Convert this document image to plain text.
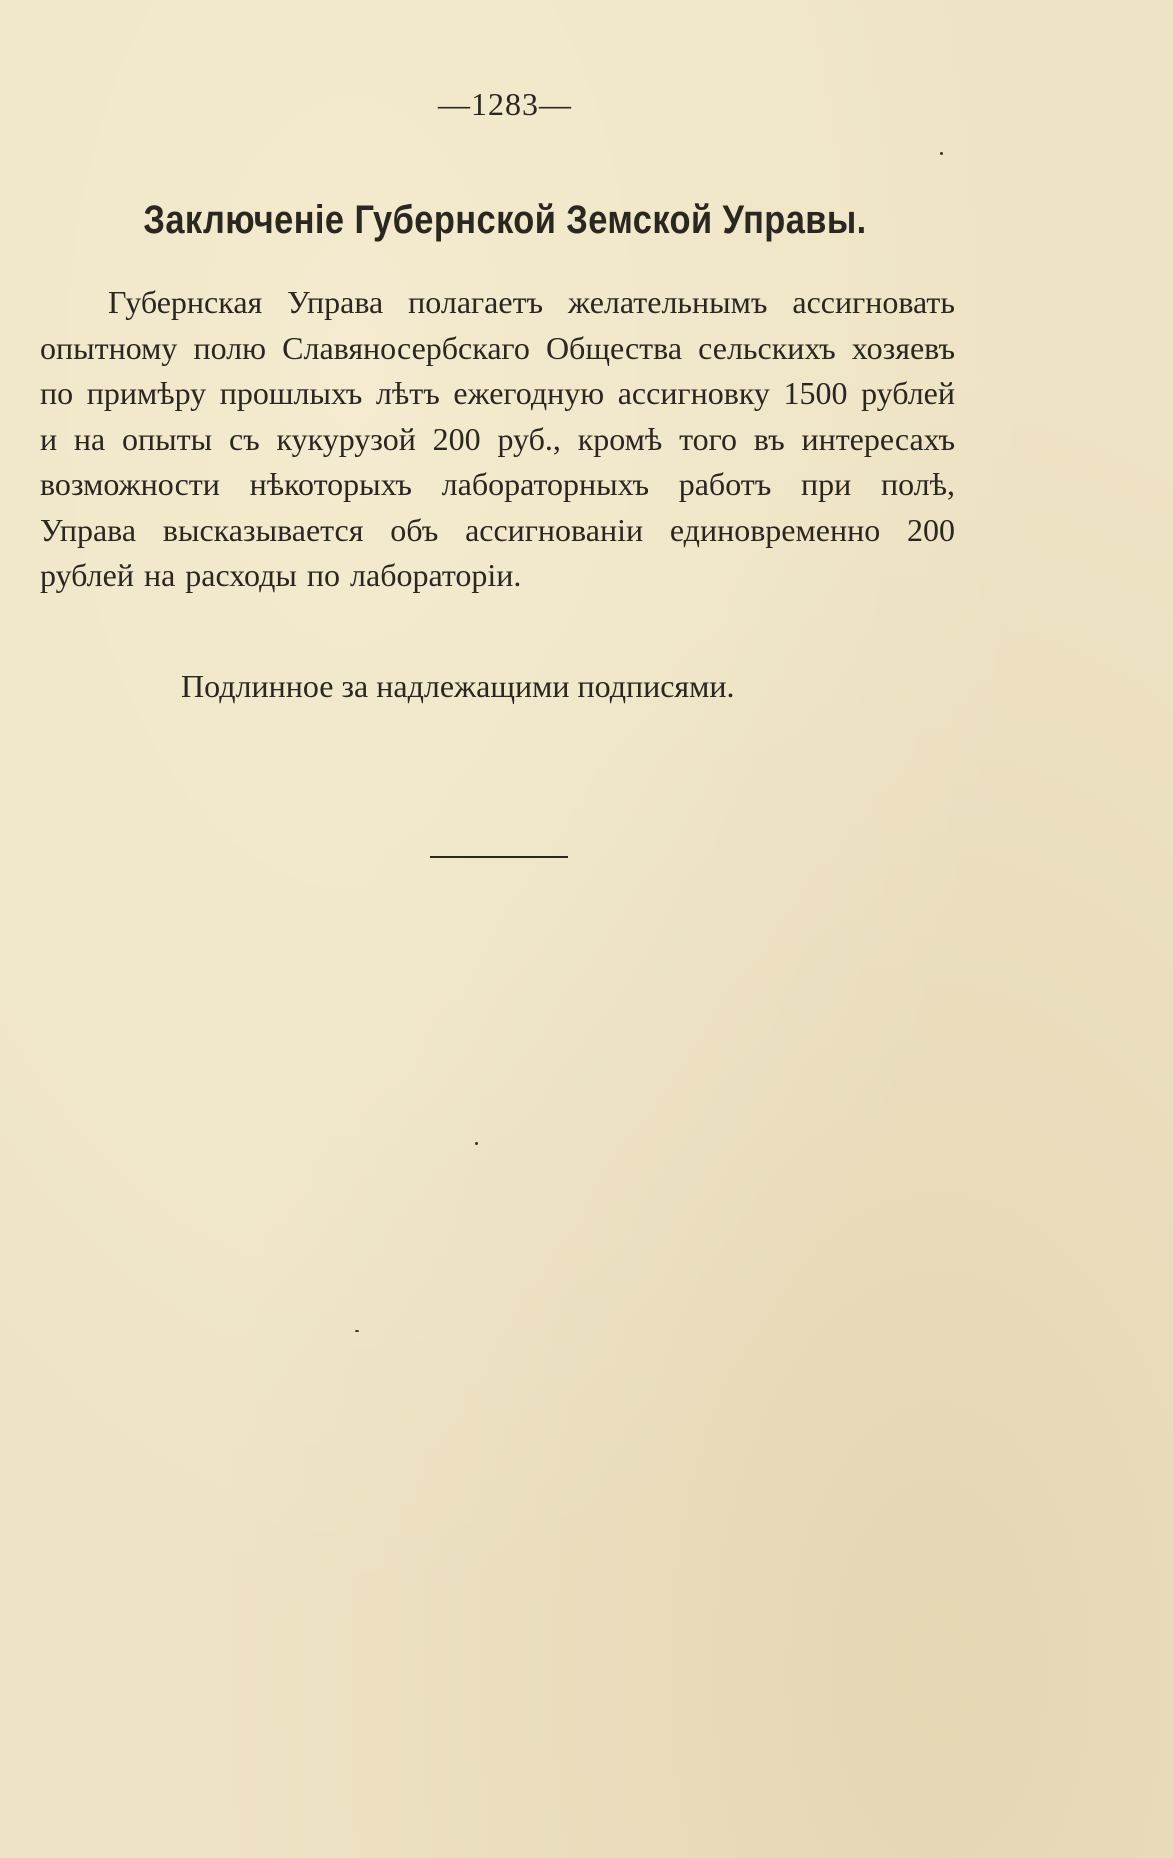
—1283—
Заключенiе Губернской Земской Управы.

Губернская Управа полагаетъ желательнымъ ассигновать опытному полю Славяносербскаго Общества сельскихъ хозяевъ по примѣру прошлыхъ лѣтъ ежегодную ассигновку 1500 рублей и на опыты съ кукурузой 200 руб., кромѣ того въ интересахъ возможности нѣкоторыхъ лабораторныхъ работъ при полѣ, Управа высказывается объ ассигнованiи единовременно 200 рублей на расходы по лабораторiи.

Подлинное за надлежащими подписями.
